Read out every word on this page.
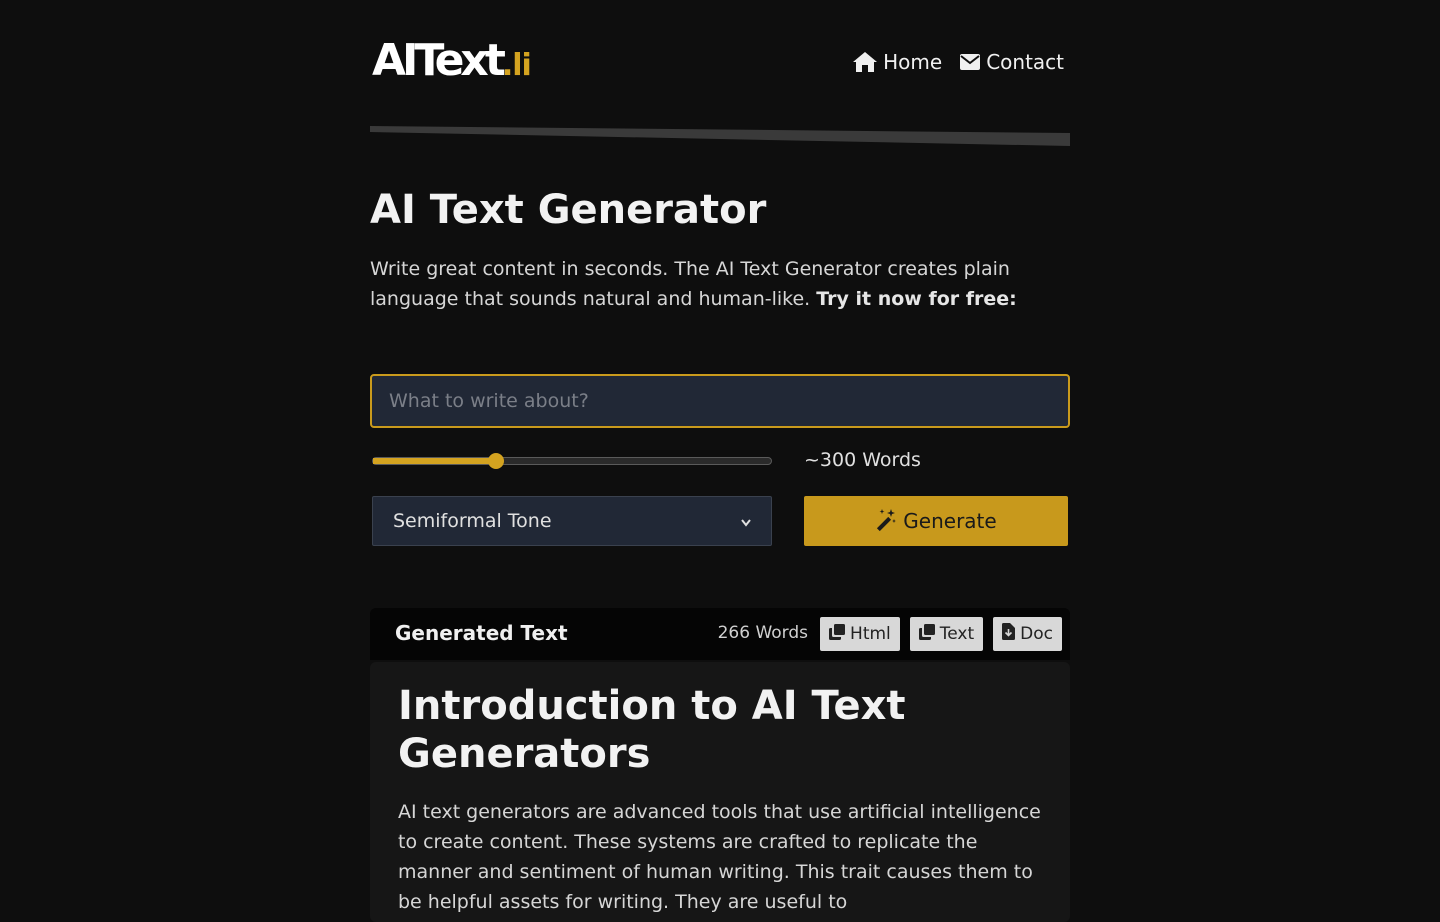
AIText.li	Home Contact
AI Text Generator

Write great content in seconds. The AI Text Generator creates plain language that sounds natural and human-like. Try it now for free:

What to write about?
~300 Words
Semiformal Tone	Generate
Generated Text	266 Words Html	Text	Doc
Introduction to AI Text Generators

AI text generators are advanced tools that use artificial intelligence to create content. These systems are crafted to replicate the manner and sentiment of human writing. This trait causes them to be helpful assets for writing. They are useful to
